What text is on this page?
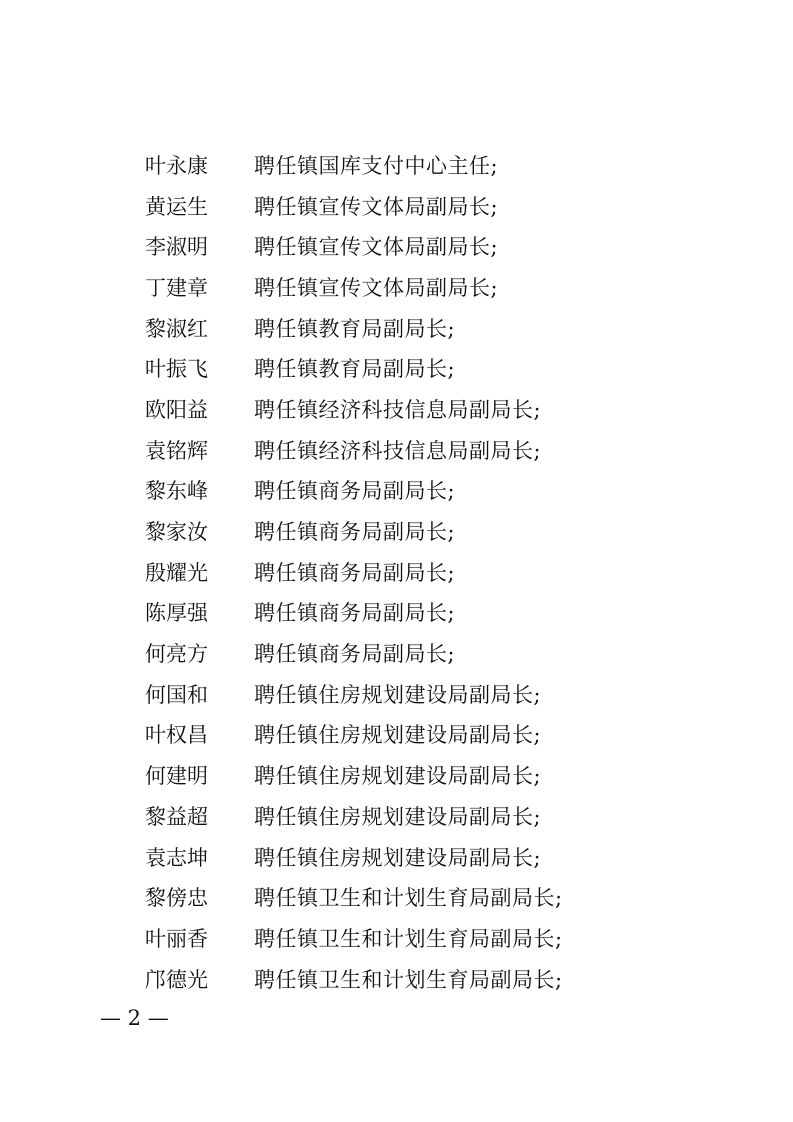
叶永康	聘任镇国库支付中心主任;
黄运生	聘任镇宣传文体局副局长;
李淑明	聘任镇宣传文体局副局长;
丁建章	聘任镇宣传文体局副局长;
黎淑红	聘任镇教育局副局长;
叶振飞	聘任镇教育局副局长;
欧阳益	聘任镇经济科技信息局副局长;
袁铭辉	聘任镇经济科技信息局副局长;
黎东峰	聘任镇商务局副局长;
黎家汝	聘任镇商务局副局长;
殷耀光	聘任镇商务局副局长;
陈厚强	聘任镇商务局副局长;
何亮方	聘任镇商务局副局长;
何国和	聘任镇住房规划建设局副局长;
叶权昌	聘任镇住房规划建设局副局长;
何建明	聘任镇住房规划建设局副局长;
黎益超	聘任镇住房规划建设局副局长;
袁志坤	聘任镇住房规划建设局副局长;
黎傍忠	聘任镇卫生和计划生育局副局长;
叶丽香	聘任镇卫生和计划生育局副局长;
邝德光	聘任镇卫生和计划生育局副局长;
— 2 —
